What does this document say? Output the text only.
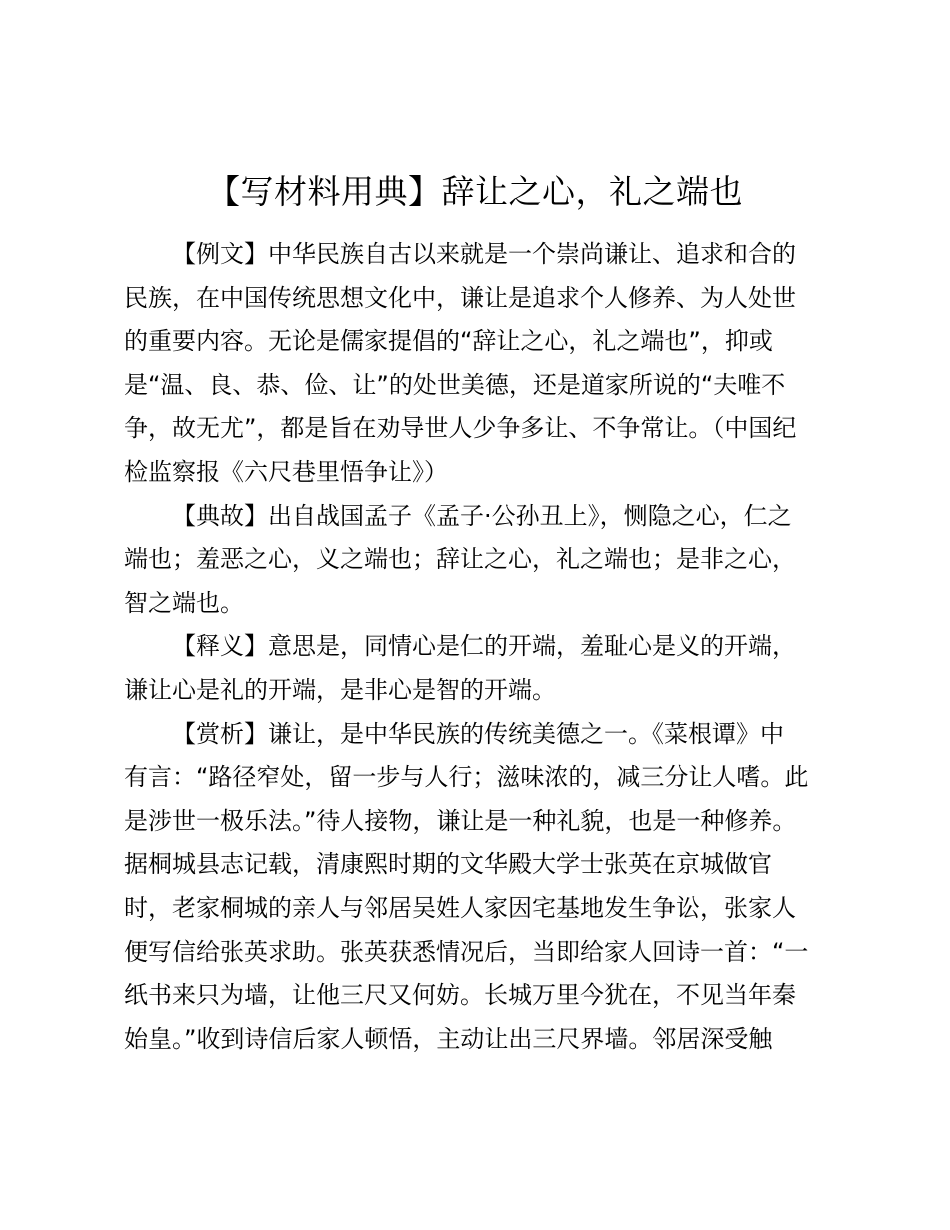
【写材料用典】辞让之心，礼之端也
【例文】中华民族自古以来就是一个崇尚谦让、追求和合的
民族，在中国传统思想文化中，谦让是追求个人修养、为人处世
的重要内容。无论是儒家提倡的“辞让之心，礼之端也”，抑或
是“温、良、恭、俭、让”的处世美德，还是道家所说的“夫唯不
争，故无尤”，都是旨在劝导世人少争多让、不争常让。（中国纪
检监察报《六尺巷里悟争让》）
【典故】出自战国孟子《孟子·公孙丑上》，恻隐之心，仁之
端也；羞恶之心，义之端也；辞让之心，礼之端也；是非之心，
智之端也。
【释义】意思是，同情心是仁的开端，羞耻心是义的开端，
谦让心是礼的开端，是非心是智的开端。
【赏析】谦让，是中华民族的传统美德之一。《菜根谭》中
有言：“路径窄处，留一步与人行；滋味浓的，减三分让人嗜。此
是涉世一极乐法。”待人接物，谦让是一种礼貌，也是一种修养。
据桐城县志记载，清康熙时期的文华殿大学士张英在京城做官
时，老家桐城的亲人与邻居吴姓人家因宅基地发生争讼，张家人
便写信给张英求助。张英获悉情况后，当即给家人回诗一首：“一
纸书来只为墙，让他三尺又何妨。长城万里今犹在，不见当年秦
始皇。”收到诗信后家人顿悟，主动让出三尺界墙。邻居深受触
